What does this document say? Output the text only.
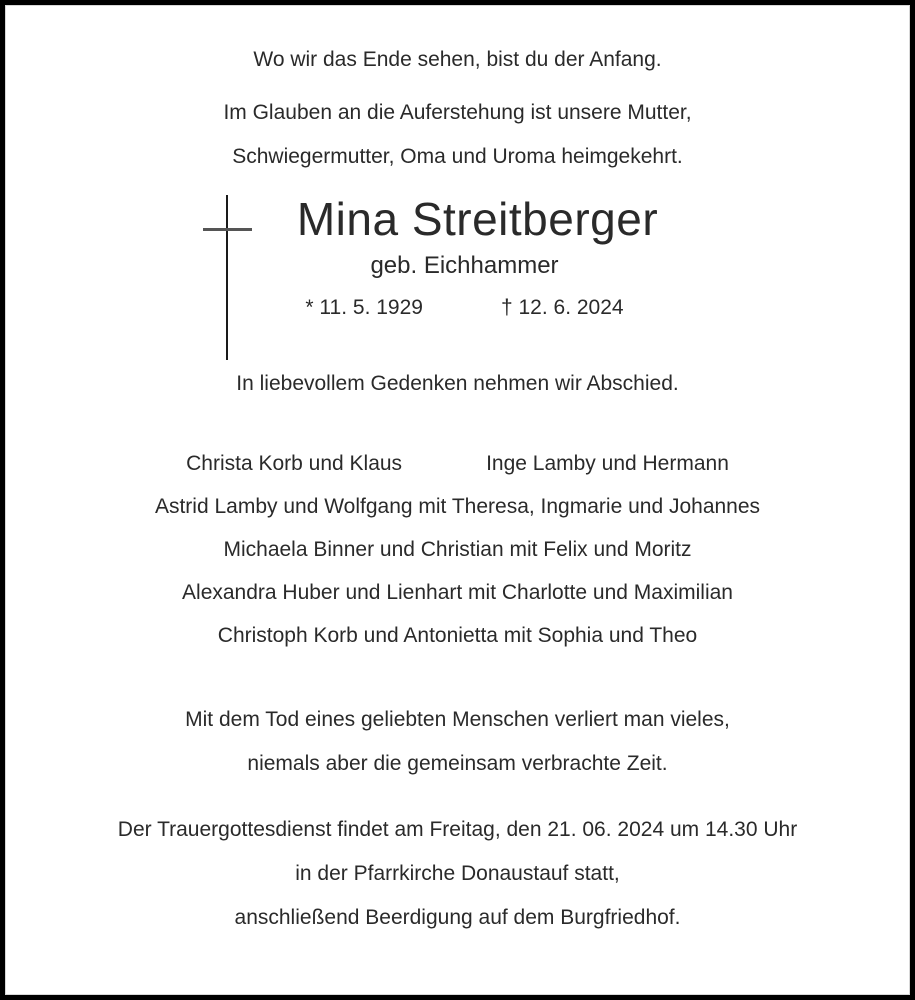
Wo wir das Ende sehen, bist du der Anfang.
Im Glauben an die Auferstehung ist unsere Mutter,
Schwiegermutter, Oma und Uroma heimgekehrt.
Mina Streitberger
geb. Eichhammer
* 11. 5. 1929	† 12. 6. 2024
In liebevollem Gedenken nehmen wir Abschied.
Christa Korb und Klaus	Inge Lamby und Hermann
Astrid Lamby und Wolfgang mit Theresa, Ingmarie und Johannes
Michaela Binner und Christian mit Felix und Moritz
Alexandra Huber und Lienhart mit Charlotte und Maximilian
Christoph Korb und Antonietta mit Sophia und Theo
Mit dem Tod eines geliebten Menschen verliert man vieles,
niemals aber die gemeinsam verbrachte Zeit.
Der Trauergottesdienst findet am Freitag, den 21. 06. 2024 um 14.30 Uhr
in der Pfarrkirche Donaustauf statt,
anschließend Beerdigung auf dem Burgfriedhof.
